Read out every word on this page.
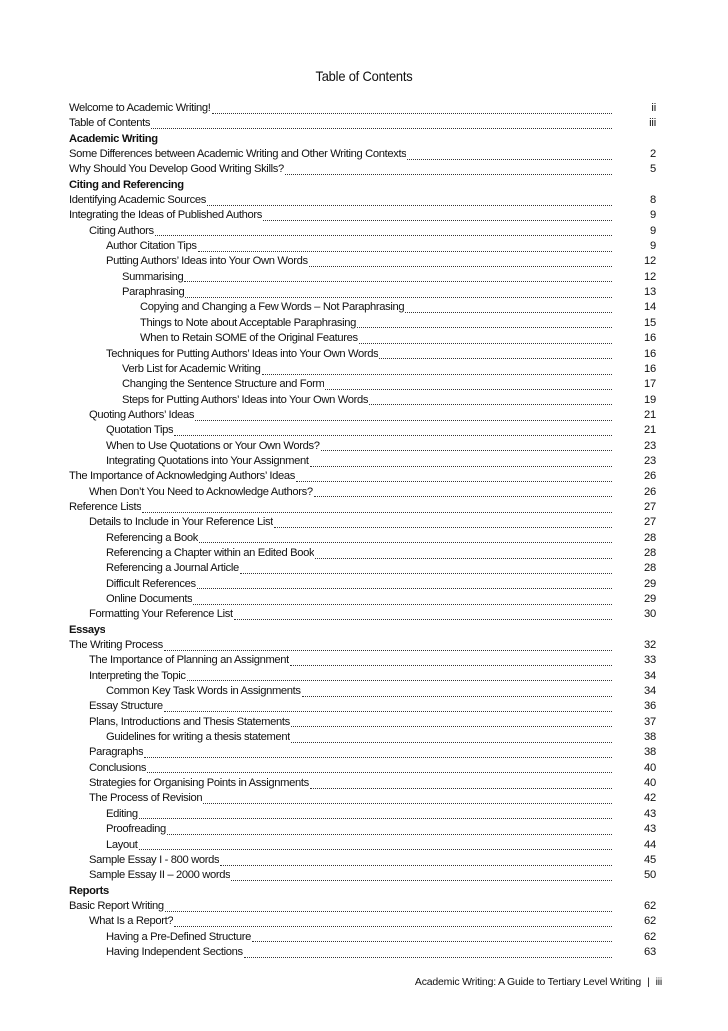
Table of Contents
Welcome to Academic Writing!	ii
Table of Contents	iii
Academic Writing
Some Differences between Academic Writing and Other Writing Contexts	2
Why Should You Develop Good Writing Skills?	5
Citing and Referencing
Identifying Academic Sources	8
Integrating the Ideas of Published Authors	9
Citing Authors	9
Author Citation Tips	9
Putting Authors’ Ideas into Your Own Words	12
Summarising	12
Paraphrasing	13
Copying and Changing a Few Words – Not Paraphrasing	14
Things to Note about Acceptable Paraphrasing	15
When to Retain SOME of the Original Features	16
Techniques for Putting Authors’ Ideas into Your Own Words	16
Verb List for Academic Writing	16
Changing the Sentence Structure and Form	17
Steps for Putting Authors’ Ideas into Your Own Words	19
Quoting Authors’ Ideas	21
Quotation Tips	21
When to Use Quotations or Your Own Words?	23
Integrating Quotations into Your Assignment	23
The Importance of Acknowledging Authors’ Ideas	26
When Don’t You Need to Acknowledge Authors?	26
Reference Lists	27
Details to Include in Your Reference List	27
Referencing a Book	28
Referencing a Chapter within an Edited Book	28
Referencing a Journal Article	28
Difficult References	29
Online Documents	29
Formatting Your Reference List	30
Essays
The Writing Process	32
The Importance of Planning an Assignment	33
Interpreting the Topic	34
Common Key Task Words in Assignments	34
Essay Structure	36
Plans, Introductions and Thesis Statements	37
Guidelines for writing a thesis statement	38
Paragraphs	38
Conclusions	40
Strategies for Organising Points in Assignments	40
The Process of Revision	42
Editing	43
Proofreading	43
Layout	44
Sample Essay I - 800 words	45
Sample Essay II – 2000 words	50
Reports
Basic Report Writing	62
What Is a Report?	62
Having a Pre-Defined Structure	62
Having Independent Sections	63
Academic Writing: A Guide to Tertiary Level Writing | iii
